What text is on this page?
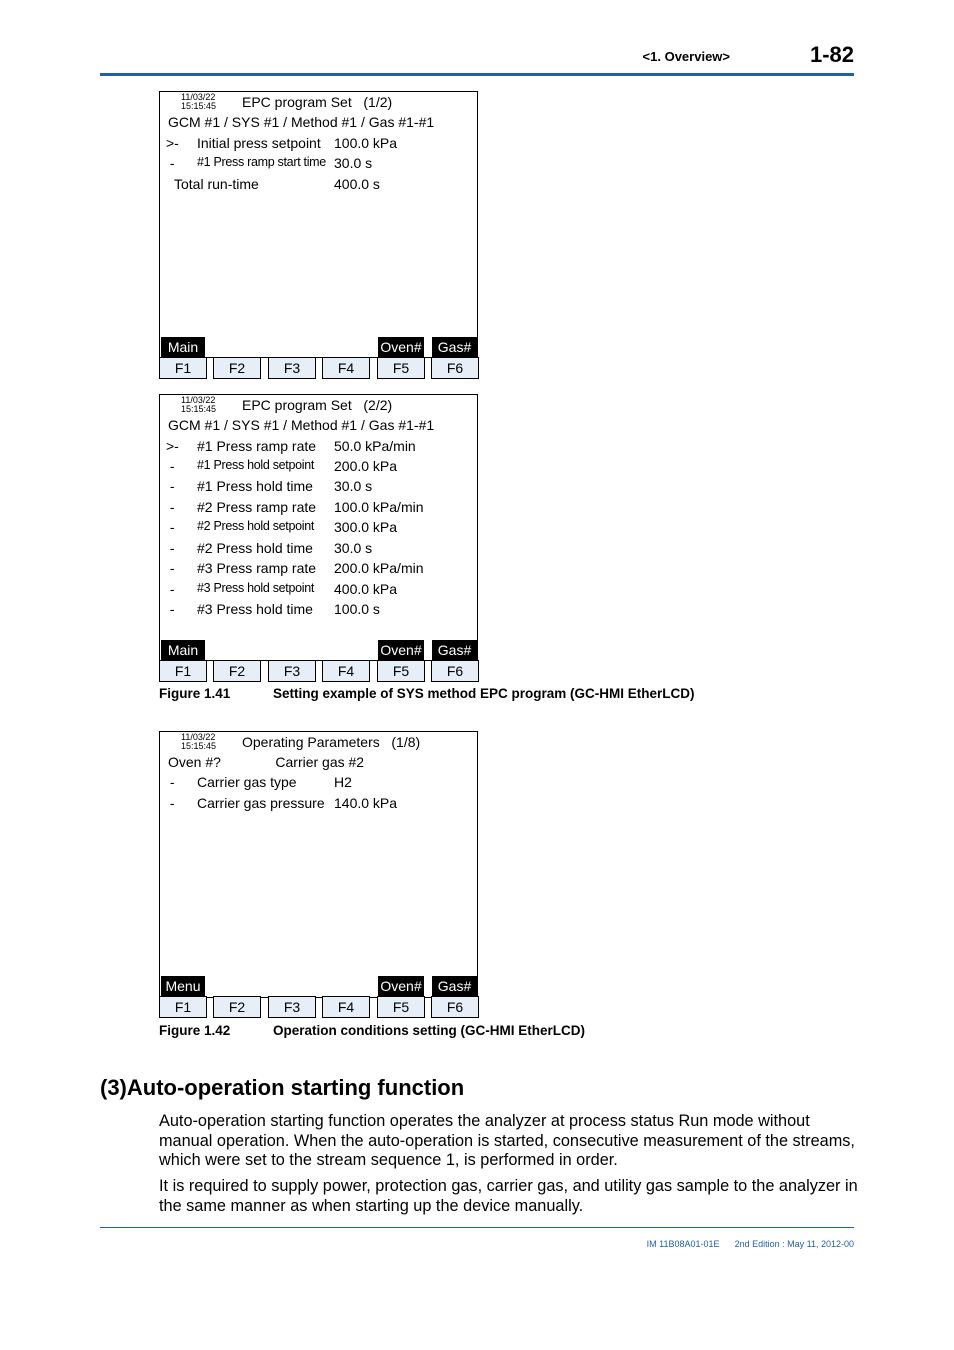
<1. Overview>	1-82
11/03/22
15:15:45 EPC program Set   (1/2)
GCM #1 / SYS #1 / Method #1 / Gas #1-#1
>- Initial press setpoint 100.0 kPa
- #1 Press ramp start time 30.0 s
Total run-time	400.0 s
Main	Oven#	Gas#
F1	F2	F3	F4	F5	F6
11/03/22
15:15:45 EPC program Set   (2/2)
GCM #1 / SYS #1 / Method #1 / Gas #1-#1
>- #1 Press ramp rate 50.0 kPa/min
- #1 Press hold setpoint 200.0 kPa
- #1 Press hold time 30.0 s
- #2 Press ramp rate 100.0 kPa/min
- #2 Press hold setpoint 300.0 kPa
- #2 Press hold time 30.0 s
- #3 Press ramp rate 200.0 kPa/min
- #3 Press hold setpoint 400.0 kPa
- #3 Press hold time 100.0 s
Main	Oven#	Gas#
F1	F2	F3	F4	F5	F6
Figure 1.41	Setting example of SYS method EPC program (GC-HMI EtherLCD)
11/03/22
15:15:45 Operating Parameters   (1/8)
Oven #?              Carrier gas #2
- Carrier gas type	H2
- Carrier gas pressure 140.0 kPa
Menu	Oven#	Gas#
F1	F2	F3	F4	F5	F6
Figure 1.42	Operation conditions setting (GC-HMI EtherLCD)
(3)Auto-operation starting function
Auto-operation starting function operates the analyzer at process status Run mode without manual operation. When the auto-operation is started, consecutive measurement of the streams, which were set to the stream sequence 1, is performed in order.
It is required to supply power, protection gas, carrier gas, and utility gas sample to the analyzer in the same manner as when starting up the device manually.
IM 11B08A01-01E 2nd Edition : May 11, 2012-00
